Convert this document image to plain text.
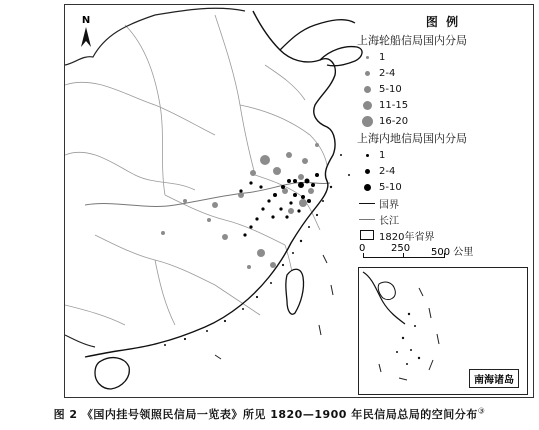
N	图 例
上海轮船信局国内分局
1
2-4
5-10
11-15
16-20
上海内地信局国内分局
1
2-4
5-10
国界
长江
1820年省界
0	250 500 公里
南海诸岛
图 2 《国内挂号领照民信局一览表》所见 1820—1900 年民信局总局的空间分布③
